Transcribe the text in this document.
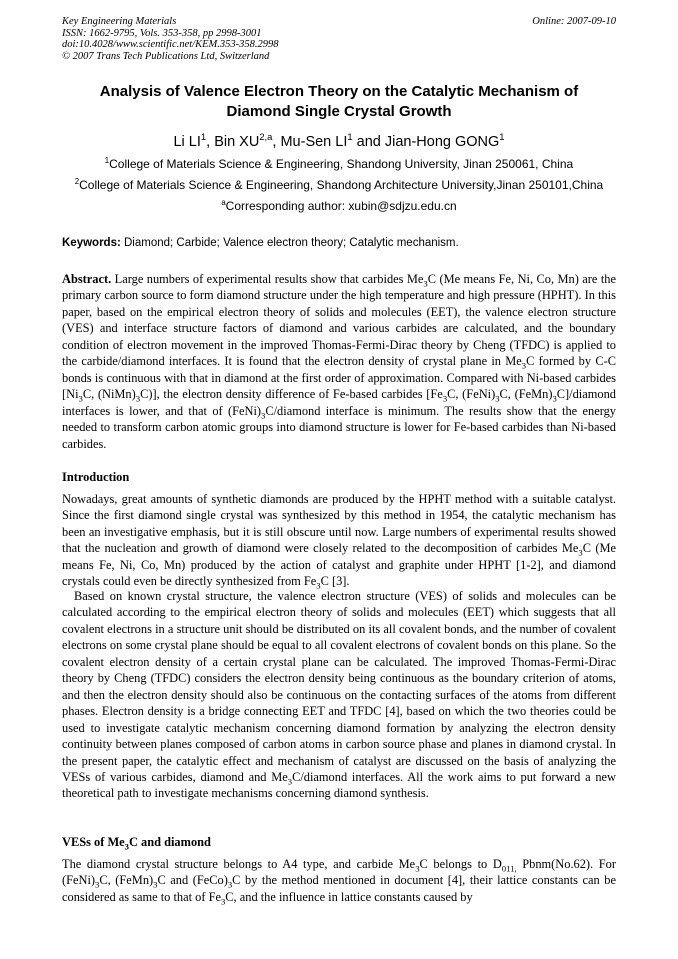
Key Engineering Materials
ISSN: 1662-9795, Vols. 353-358, pp 2998-3001
doi:10.4028/www.scientific.net/KEM.353-358.2998
© 2007 Trans Tech Publications Ltd, Switzerland
Online: 2007-09-10
Analysis of Valence Electron Theory on the Catalytic Mechanism of
Diamond Single Crystal Growth
Li $LI^1$, Bin XU$^{2,a}$, Mu-Sen $LI^1$ and Jian-Hong GONG$^1$
$^1$College of Materials Science & Engineering, Shandong University, Jinan 250061, China
$^2$College of Materials Science & Engineering, Shandong Architecture University,Jinan 250101,China
$^a$Corresponding author: xubin@sdjzu.edu.cn
Keywords: Diamond; Carbide; Valence electron theory; Catalytic mechanism.
Abstract. Large numbers of experimental results show that carbides $Me_3C$ (Me means Fe, Ni, Co, Mn) are the primary carbon source to form diamond structure under the high temperature and high pressure (HPHT). In this paper, based on the empirical electron theory of solids and molecules (EET), the valence electron structure (VES) and interface structure factors of diamond and various carbides are calculated, and the boundary condition of electron movement in the improved Thomas-Fermi-Dirac theory by Cheng (TFDC) is applied to the carbide/diamond interfaces. It is found that the electron density of crystal plane in $Me_3C$ formed by C-C bonds is continuous with that in diamond at the first order of approximation. Compared with Ni-based carbides [$Ni_3C$, $(NiMn)_3C$)], the electron density difference of Fe-based carbides [$Fe_3C$, $(FeNi)_3C$, $(FeMn)_3C$]/diamond interfaces is lower, and that of $(FeNi)_3C$/diamond interface is minimum. The results show that the energy needed to transform carbon atomic groups into diamond structure is lower for Fe-based carbides than Ni-based carbides.
Introduction
Nowadays, great amounts of synthetic diamonds are produced by the HPHT method with a suitable catalyst. Since the first diamond single crystal was synthesized by this method in 1954, the catalytic mechanism has been an investigative emphasis, but it is still obscure until now. Large numbers of experimental results showed that the nucleation and growth of diamond were closely related to the decomposition of carbides $Me_3C$ (Me means Fe, Ni, Co, Mn) produced by the action of catalyst and graphite under HPHT [1-2], and diamond crystals could even be directly synthesized from $Fe_3C$ [3].
Based on known crystal structure, the valence electron structure (VES) of solids and molecules can be calculated according to the empirical electron theory of solids and molecules (EET) which suggests that all covalent electrons in a structure unit should be distributed on its all covalent bonds, and the number of covalent electrons on some crystal plane should be equal to all covalent electrons of covalent bonds on this plane. So the covalent electron density of a certain crystal plane can be calculated. The improved Thomas-Fermi-Dirac theory by Cheng (TFDC) considers the electron density being continuous as the boundary criterion of atoms, and then the electron density should also be continuous on the contacting surfaces of the atoms from different phases. Electron density is a bridge connecting EET and TFDC [4], based on which the two theories could be used to investigate catalytic mechanism concerning diamond formation by analyzing the electron density continuity between planes composed of carbon atoms in carbon source phase and planes in diamond crystal. In the present paper, the catalytic effect and mechanism of catalyst are discussed on the basis of analyzing the VESs of various carbides, diamond and $Me_3C$/diamond interfaces. All the work aims to put forward a new theoretical path to investigate mechanisms concerning diamond synthesis.
VESs of $Me_3C$ and diamond
The diamond crystal structure belongs to A4 type, and carbide $Me_3C$ belongs to $D_{011,}$ Pbnm(No.62). For $(FeNi)_3C$, $(FeMn)_3C$ and $(FeCo)_3C$ by the method mentioned in document [4], their lattice constants can be considered as same to that of $Fe_3C$, and the influence in lattice constants caused by
